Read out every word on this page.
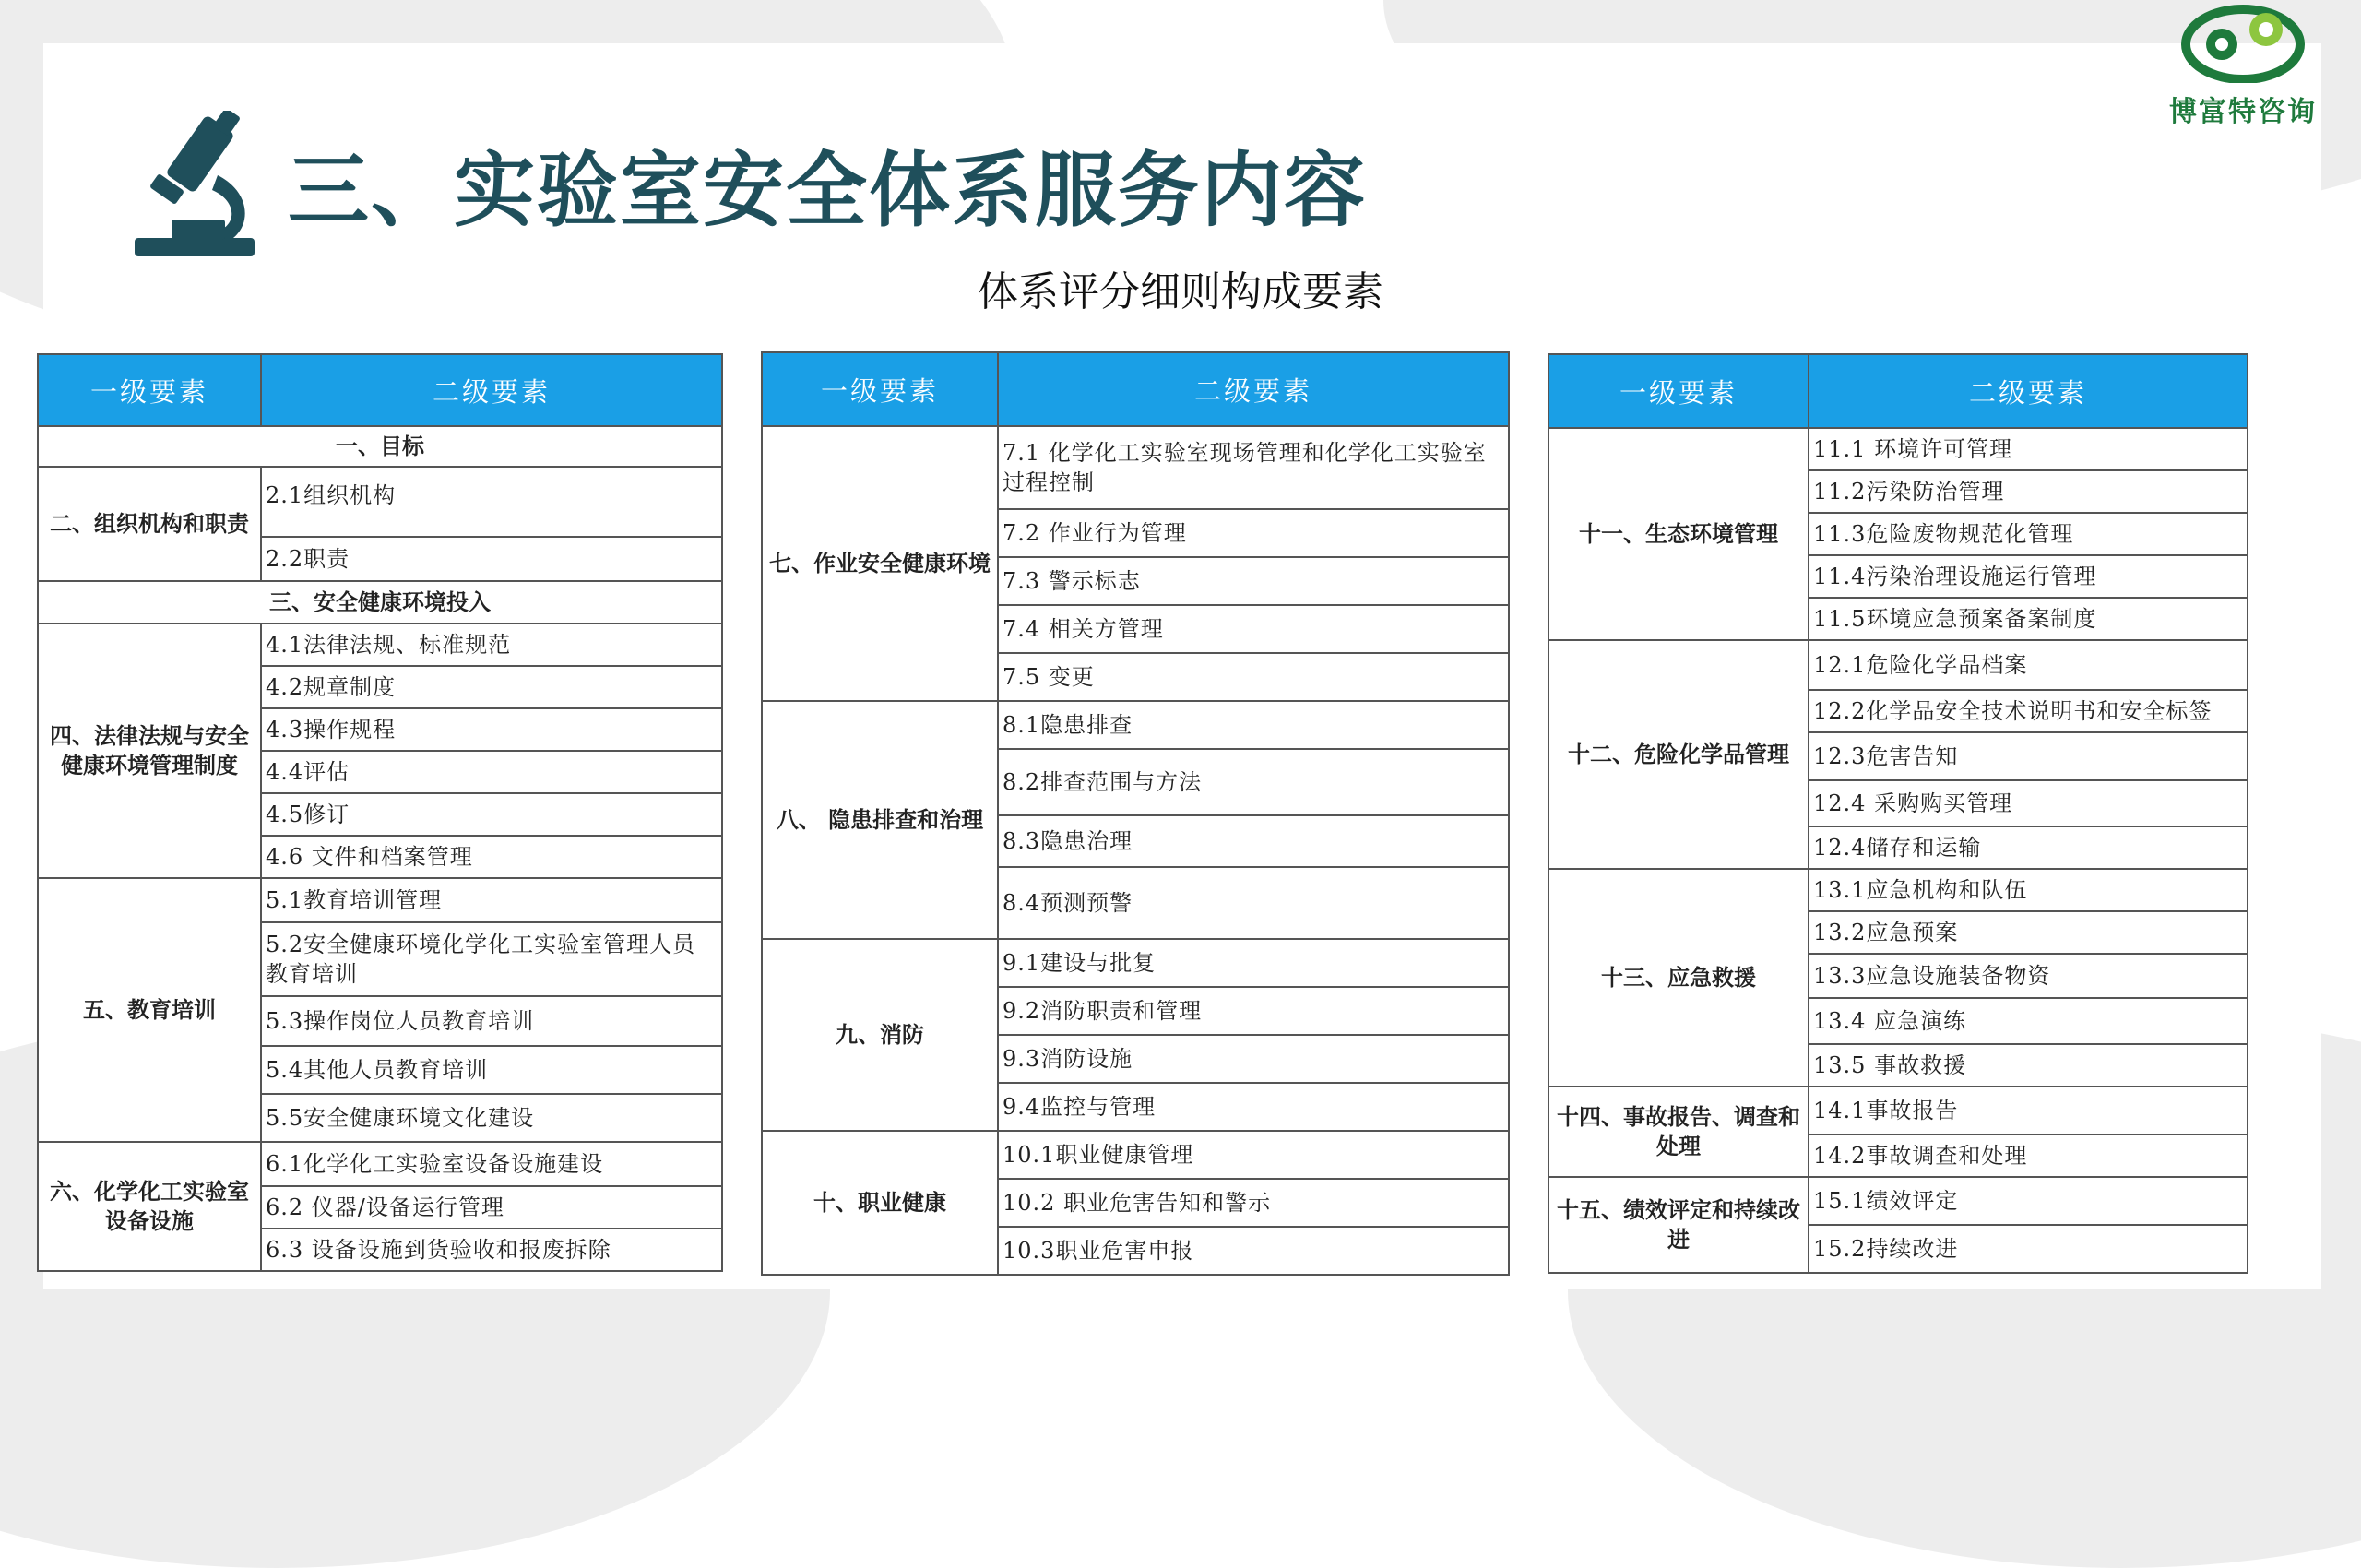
博富特咨询
三、实验室安全体系服务内容
体系评分细则构成要素
一级要素	二级要素
一、目标	
二、组织机构和职责	2.1组织机构
	2.2职责
三、安全健康环境投入	
四、法律法规与安全健康环境管理制度	4.1法律法规、标准规范
	4.2规章制度
	4.3操作规程
	4.4评估
	4.5修订
	4.6 文件和档案管理
五、教育培训	5.1教育培训管理
	5.2安全健康环境化学化工实验室管理人员教育培训
	5.3操作岗位人员教育培训
	5.4其他人员教育培训
	5.5安全健康环境文化建设
六、化学化工实验室设备设施	6.1化学化工实验室设备设施建设
	6.2 仪器/设备运行管理
	6.3 设备设施到货验收和报废拆除
一级要素	二级要素
七、作业安全健康环境	7.1 化学化工实验室现场管理和化学化工实验室过程控制
	7.2 作业行为管理
	7.3 警示标志
	7.4 相关方管理
	7.5 变更
八、 隐患排查和治理	8.1隐患排查
	8.2排查范围与方法
	8.3隐患治理
	8.4预测预警
九、消防	9.1建设与批复
	9.2消防职责和管理
	9.3消防设施
	9.4监控与管理
十、职业健康	10.1职业健康管理
	10.2 职业危害告知和警示
	10.3职业危害申报
一级要素	二级要素
十一、生态环境管理	11.1 环境许可管理
	11.2污染防治管理
	11.3危险废物规范化管理
	11.4污染治理设施运行管理
	11.5环境应急预案备案制度
十二、危险化学品管理	12.1危险化学品档案
	12.2化学品安全技术说明书和安全标签
	12.3危害告知
	12.4 采购购买管理
	12.4储存和运输
十三、应急救援	13.1应急机构和队伍
	13.2应急预案
	13.3应急设施装备物资
	13.4 应急演练
	13.5 事故救援
十四、事故报告、调查和处理	14.1事故报告
	14.2事故调查和处理
十五、绩效评定和持续改进	15.1绩效评定
	15.2持续改进
